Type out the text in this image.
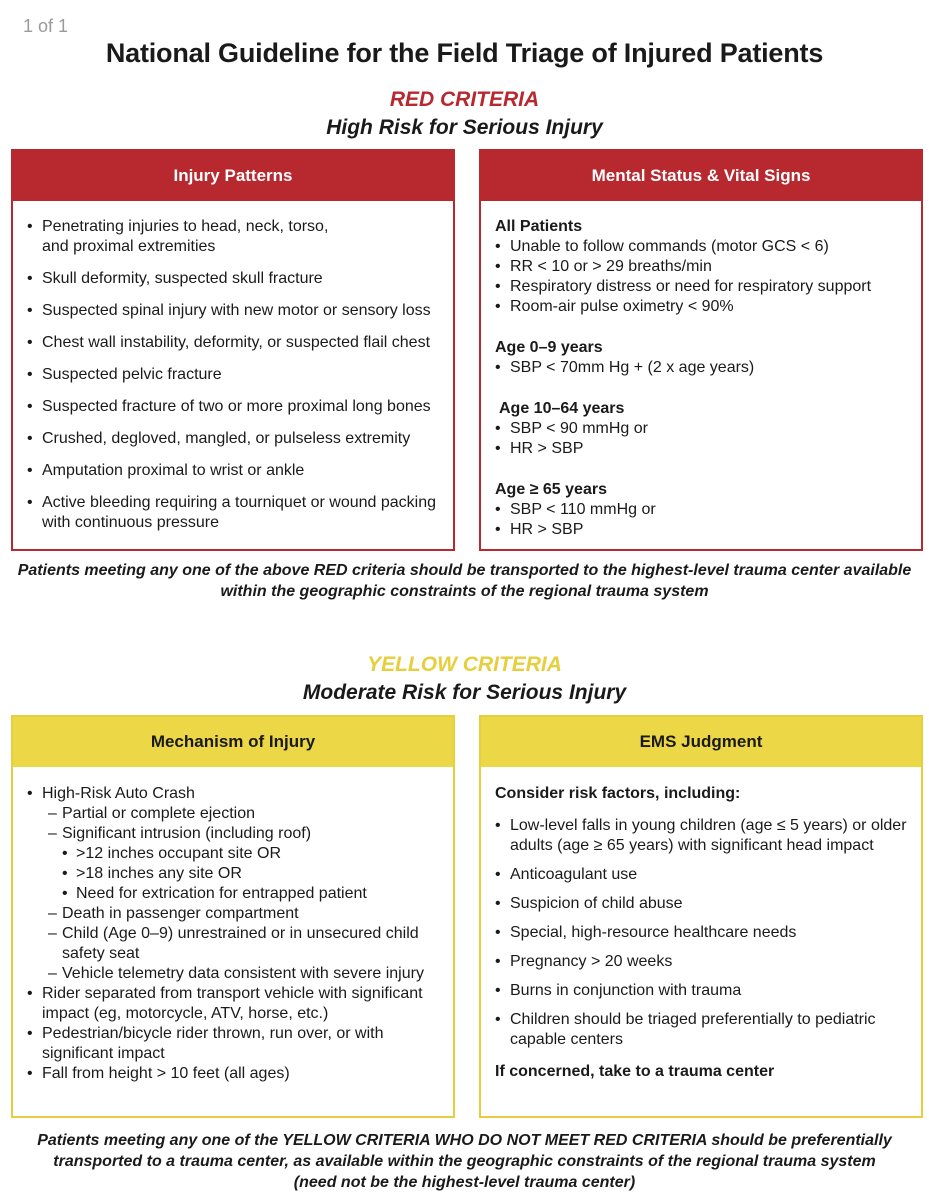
1 of 1
National Guideline for the Field Triage of Injured Patients
RED CRITERIA
High Risk for Serious Injury
Injury Patterns
• Penetrating injuries to head, neck, torso,
and proximal extremities
• Skull deformity, suspected skull fracture
• Suspected spinal injury with new motor or sensory loss
• Chest wall instability, deformity, or suspected flail chest
• Suspected pelvic fracture
• Suspected fracture of two or more proximal long bones
• Crushed, degloved, mangled, or pulseless extremity
• Amputation proximal to wrist or ankle
• Active bleeding requiring a tourniquet or wound packing
with continuous pressure
Mental Status & Vital Signs
All Patients
• Unable to follow commands (motor GCS < 6)
• RR < 10 or > 29 breaths/min
• Respiratory distress or need for respiratory support
• Room-air pulse oximetry < 90%
Age 0–9 years
• SBP < 70mm Hg + (2 x age years)
Age 10–64 years
• SBP < 90 mmHg or
• HR > SBP
Age ≥ 65 years
• SBP < 110 mmHg or
• HR > SBP
Patients meeting any one of the above RED criteria should be transported to the highest-level trauma center available
within the geographic constraints of the regional trauma system
YELLOW CRITERIA
Moderate Risk for Serious Injury
Mechanism of Injury
• High-Risk Auto Crash
– Partial or complete ejection
– Significant intrusion (including roof)
• >12 inches occupant site OR
• >18 inches any site OR
• Need for extrication for entrapped patient
– Death in passenger compartment
– Child (Age 0–9) unrestrained or in unsecured child
safety seat
– Vehicle telemetry data consistent with severe injury
• Rider separated from transport vehicle with significant
impact (eg, motorcycle, ATV, horse, etc.)
• Pedestrian/bicycle rider thrown, run over, or with
significant impact
• Fall from height > 10 feet (all ages)
EMS Judgment
Consider risk factors, including:
• Low-level falls in young children (age ≤ 5 years) or older
adults (age ≥ 65 years) with significant head impact
• Anticoagulant use
• Suspicion of child abuse
• Special, high-resource healthcare needs
• Pregnancy > 20 weeks
• Burns in conjunction with trauma
• Children should be triaged preferentially to pediatric
capable centers
If concerned, take to a trauma center
Patients meeting any one of the YELLOW CRITERIA WHO DO NOT MEET RED CRITERIA should be preferentially
transported to a trauma center, as available within the geographic constraints of the regional trauma system
(need not be the highest-level trauma center)
